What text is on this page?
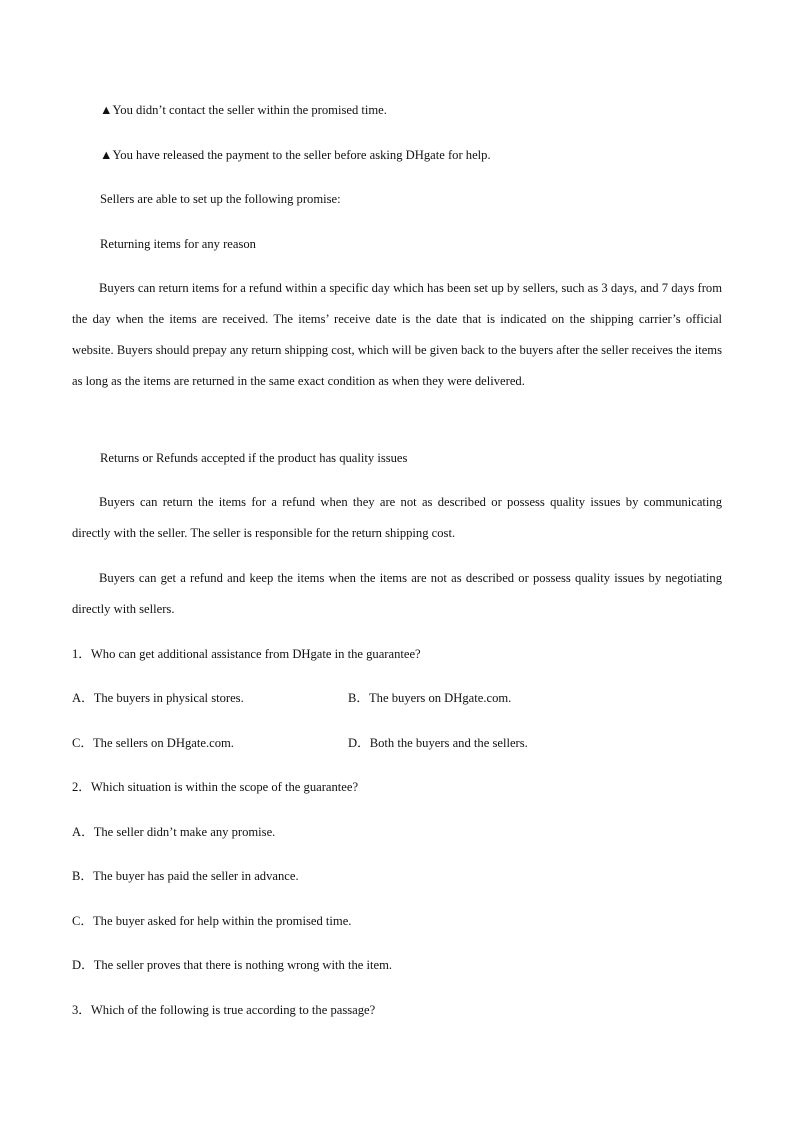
▲You didn’t contact the seller within the promised time.
▲You have released the payment to the seller before asking DHgate for help.
Sellers are able to set up the following promise:
Returning items for any reason
Buyers can return items for a refund within a specific day which has been set up by sellers, such as 3 days, and 7 days from the day when the items are received. The items’ receive date is the date that is indicated on the shipping carrier’s official website. Buyers should prepay any return shipping cost, which will be given back to the buyers after the seller receives the items as long as the items are returned in the same exact condition as when they were delivered.
Returns or Refunds accepted if the product has quality issues
Buyers can return the items for a refund when they are not as described or possess quality issues by communicating directly with the seller. The seller is responsible for the return shipping cost.
Buyers can get a refund and keep the items when the items are not as described or possess quality issues by negotiating directly with sellers.
1．Who can get additional assistance from DHgate in the guarantee?
A．The buyers in physical stores.	B．The buyers on DHgate.com.
C．The sellers on DHgate.com.	D．Both the buyers and the sellers.
2．Which situation is within the scope of the guarantee?
A．The seller didn’t make any promise.
B．The buyer has paid the seller in advance.
C．The buyer asked for help within the promised time.
D．The seller proves that there is nothing wrong with the item.
3．Which of the following is true according to the passage?
